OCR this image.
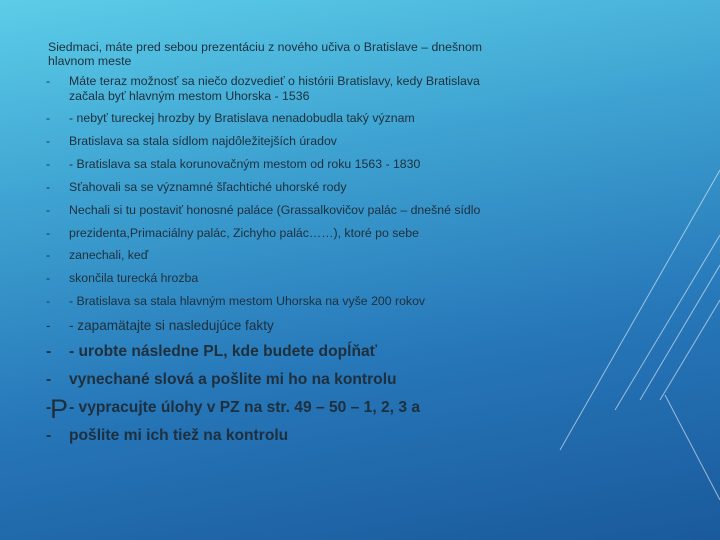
Siedmaci, máte pred sebou prezentáciu z nového učiva o Bratislave – dnešnom hlavnom meste
- Máte teraz možnosť sa niečo dozvedieť o histórii Bratislavy, kedy Bratislava začala byť hlavným mestom Uhorska - 1536
- - nebyť tureckej hrozby by Bratislava nenadobudla taký význam
- Bratislava sa stala sídlom najdôležitejších úradov
- - Bratislava sa stala korunovačným mestom od roku 1563 - 1830
- Sťahovali sa se významné šľachtiché uhorské rody
- Nechali si tu postaviť honosné paláce (Grassalkovičov palác – dnešné sídlo
- prezidenta,Primaciálny palác, Zichyho palác……), ktoré po sebe
- zanechali, keď
- skončila turecká hrozba
- - Bratislava sa stala hlavným mestom Uhorska na vyše 200 rokov
- - zapamätajte si nasledujúce fakty
- - urobte následne PL, kde budete dopĺňať
- vynechané slová a pošlite mi ho na kontrolu
- - vypracujte úlohy v PZ na str. 49 – 50 – 1, 2, 3 a
- pošlite mi ich tiež na kontrolu
P
